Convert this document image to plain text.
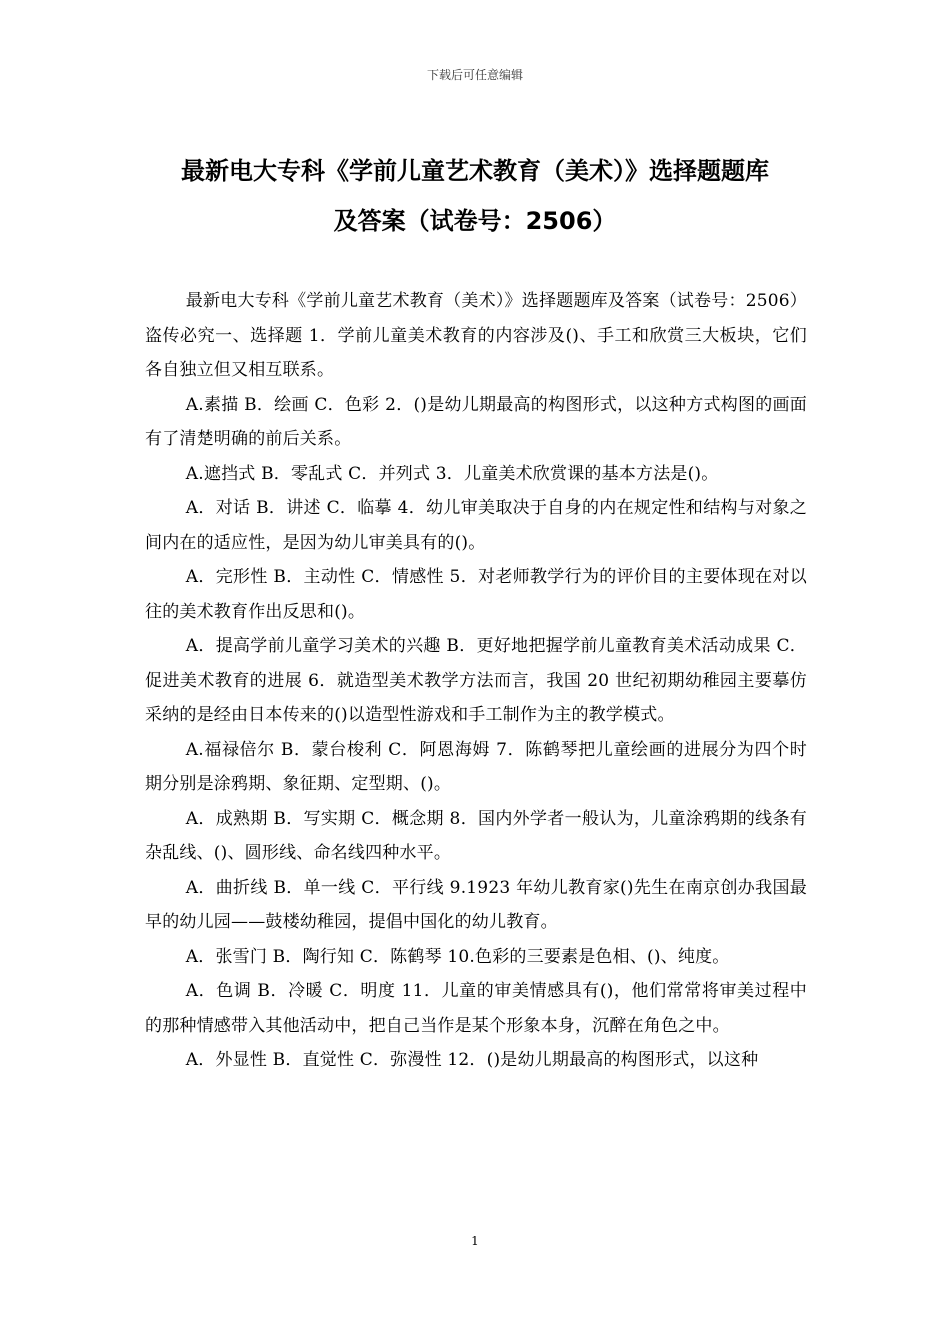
下载后可任意编辑
最新电大专科《学前儿童艺术教育（美术）》选择题题库
及答案（试卷号：2506）

最新电大专科《学前儿童艺术教育（美术）》选择题题库及答案（试卷号：2506）盗传必究一、选择题 1．学前儿童美术教育的内容涉及()、手工和欣赏三大板块，它们各自独立但又相互联系。

A.素描 B．绘画 C．色彩 2．()是幼儿期最高的构图形式，以这种方式构图的画面有了清楚明确的前后关系。

A.遮挡式 B．零乱式 C．并列式 3．儿童美术欣赏课的基本方法是()。

A．对话 B．讲述 C．临摹 4．幼儿审美取决于自身的内在规定性和结构与对象之间内在的适应性，是因为幼儿审美具有的()。

A．完形性 B．主动性 C．情感性 5．对老师教学行为的评价目的主要体现在对以往的美术教育作出反思和()。

A．提高学前儿童学习美术的兴趣 B．更好地把握学前儿童教育美术活动成果 C．促进美术教育的进展 6．就造型美术教学方法而言，我国 20 世纪初期幼稚园主要摹仿采纳的是经由日本传来的()以造型性游戏和手工制作为主的教学模式。

A.福禄倍尔 B．蒙台梭利 C．阿恩海姆 7．陈鹤琴把儿童绘画的进展分为四个时期分别是涂鸦期、象征期、定型期、()。

A．成熟期 B．写实期 C．概念期 8．国内外学者一般认为，儿童涂鸦期的线条有杂乱线、()、圆形线、命名线四种水平。

A．曲折线 B．单一线 C．平行线 9.1923 年幼儿教育家()先生在南京创办我国最早的幼儿园——鼓楼幼稚园，提倡中国化的幼儿教育。

A．张雪门 B．陶行知 C．陈鹤琴 10.色彩的三要素是色相、()、纯度。

A．色调 B．冷暖 C．明度 11．儿童的审美情感具有()，他们常常将审美过程中的那种情感带入其他活动中，把自己当作是某个形象本身，沉醉在角色之中。

A．外显性 B．直觉性 C．弥漫性 12．()是幼儿期最高的构图形式，以这种

1
